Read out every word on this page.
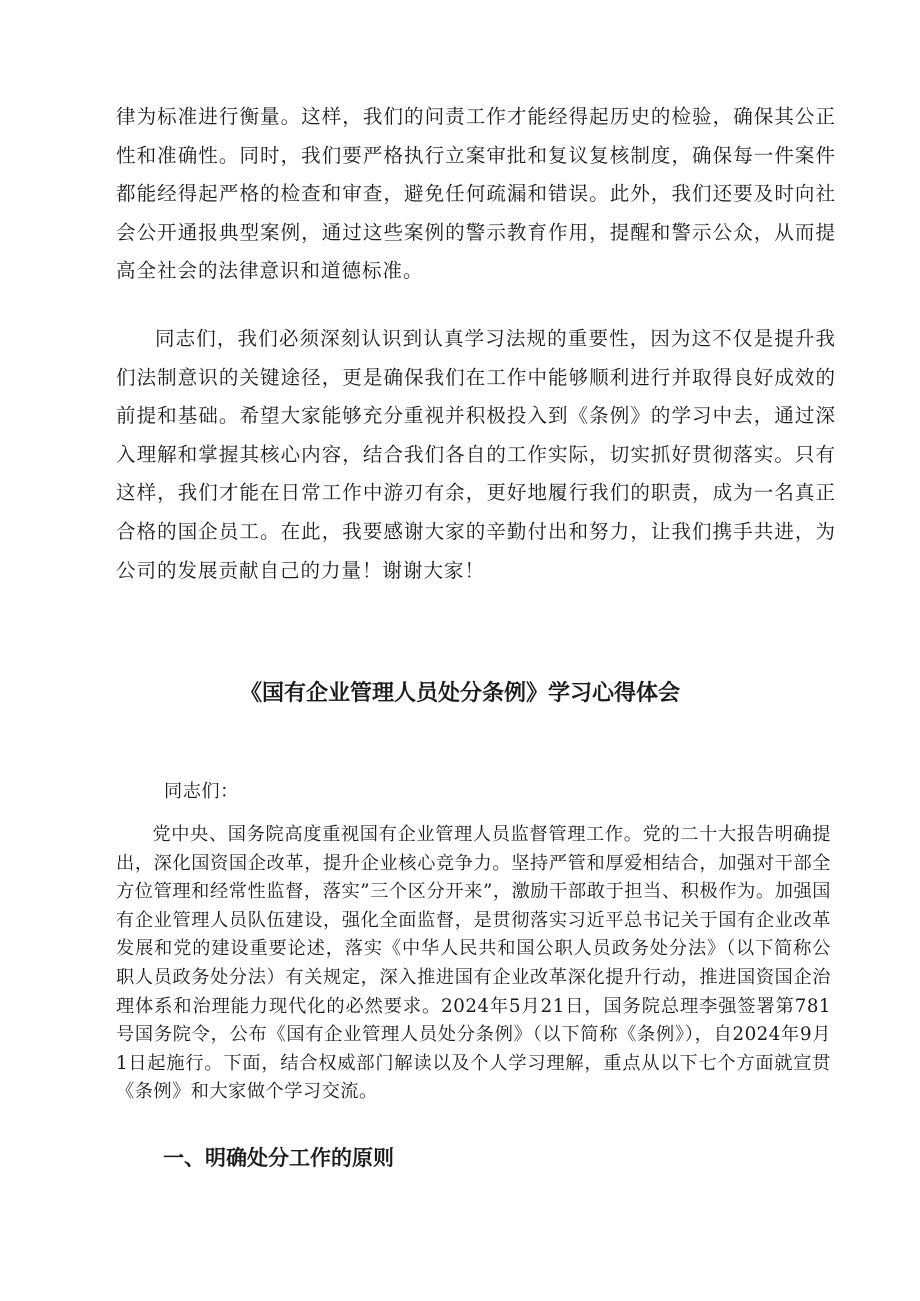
律为标准进行衡量。这样，我们的问责工作才能经得起历史的检验，确保其公正性和准确性。同时，我们要严格执行立案审批和复议复核制度，确保每一件案件都能经得起严格的检查和审查，避免任何疏漏和错误。此外，我们还要及时向社会公开通报典型案例，通过这些案例的警示教育作用，提醒和警示公众，从而提高全社会的法律意识和道德标准。

同志们，我们必须深刻认识到认真学习法规的重要性，因为这不仅是提升我们法制意识的关键途径，更是确保我们在工作中能够顺利进行并取得良好成效的前提和基础。希望大家能够充分重视并积极投入到《条例》的学习中去，通过深入理解和掌握其核心内容，结合我们各自的工作实际，切实抓好贯彻落实。只有这样，我们才能在日常工作中游刃有余，更好地履行我们的职责，成为一名真正合格的国企员工。在此，我要感谢大家的辛勤付出和努力，让我们携手共进，为公司的发展贡献自己的力量！谢谢大家！

《国有企业管理人员处分条例》学习心得体会

同志们：

党中央、国务院高度重视国有企业管理人员监督管理工作。党的二十大报告明确提出，深化国资国企改革，提升企业核心竞争力。坚持严管和厚爱相结合，加强对干部全方位管理和经常性监督，落实”三个区分开来”，激励干部敢于担当、积极作为。加强国有企业管理人员队伍建设，强化全面监督，是贯彻落实习近平总书记关于国有企业改革发展和党的建设重要论述，落实《中华人民共和国公职人员政务处分法》（以下简称公职人员政务处分法）有关规定，深入推进国有企业改革深化提升行动，推进国资国企治理体系和治理能力现代化的必然要求。2024年5月21日，国务院总理李强签署第781号国务院令，公布《国有企业管理人员处分条例》（以下简称《条例》），自2024年9月1日起施行。下面，结合权威部门解读以及个人学习理解，重点从以下七个方面就宣贯《条例》和大家做个学习交流。

一、明确处分工作的原则
